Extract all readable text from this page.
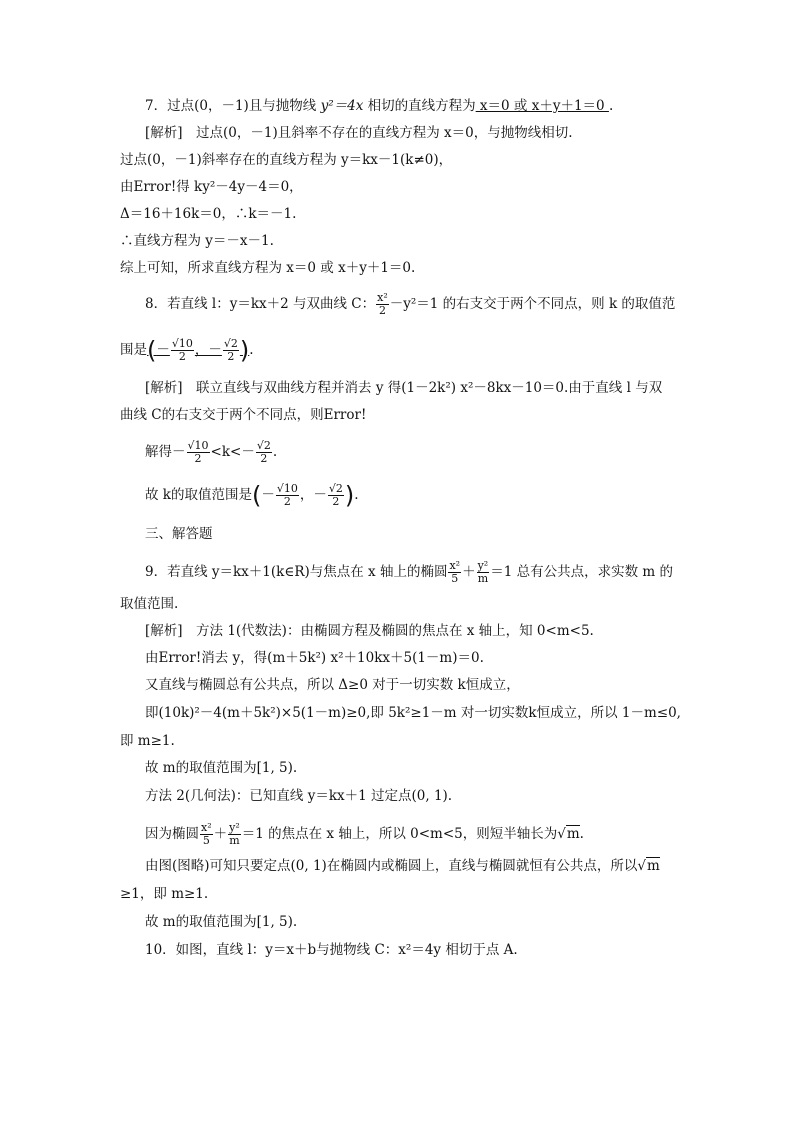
7．过点(0，－1)且与抛物线 y²＝4x 相切的直线方程为 x＝0 或 x＋y＋1＝0 .
[解析]　过点(0，－1)且斜率不存在的直线方程为 x＝0，与抛物线相切.
过点(0，－1)斜率存在的直线方程为 y＝kx－1(k≠0)，
由Error!得 ky²－4y－4＝0，
Δ＝16＋16k＝0，∴k＝－1.
∴直线方程为 y＝－x－1.
综上可知，所求直线方程为 x＝0 或 x＋y＋1＝0.
8．若直线 l：y＝kx＋2 与双曲线 C： $\frac{\text{x²}}{2} -y^2=1$ 的右支交于两个不同点，则 k 的取值范
围是(－ $\frac{√10}{2}$ ，－ $\frac{√2}{2}$ ).
[解析]　联立直线与双曲线方程并消去 y 得(1－2k²) x²－8kx－10＝0.由于直线 l 与双
曲线 C的右支交于两个不同点，则Error!
解得－ $\frac{√10}{2} <k<- \frac{√2}{2}$ .
故 k的取值范围是(－ $\frac{√10}{2}$ ，－ $\frac{√2}{2}$ ).
三、解答题
9．若直线 y＝kx＋1(k∈R)与焦点在 x 轴上的椭圆 $\frac{\text{x²}}{5} + \frac{\text{y²}}{m} =1$ 总有公共点，求实数 m 的
取值范围.
[解析]　方法 1(代数法)：由椭圆方程及椭圆的焦点在 x 轴上，知 0<m<5.
由Error!消去 y，得(m＋5k²) x²＋10kx＋5(1－m)＝0.
又直线与椭圆总有公共点，所以 Δ≥0 对于一切实数 k恒成立，
即(10k)²－4(m＋5k²)×5(1－m)≥0,即 5k²≥1－m 对一切实数k恒成立，所以 1－m≤0,
即 m≥1.
故 m的取值范围为[1, 5).
方法 2(几何法)：已知直线 y＝kx＋1 过定点(0, 1).
因为椭圆 $\frac{\text{x²}}{5} + \frac{\text{y²}}{m} =1$ 的焦点在 x 轴上，所以 0<m<5，则短半轴长为√m.
由图(图略)可知只要定点(0, 1)在椭圆内或椭圆上，直线与椭圆就恒有公共点，所以√m
≥1，即 m≥1.
故 m的取值范围为[1, 5).
10．如图，直线 l：y＝x＋b与抛物线 C：x²＝4y 相切于点 A.
